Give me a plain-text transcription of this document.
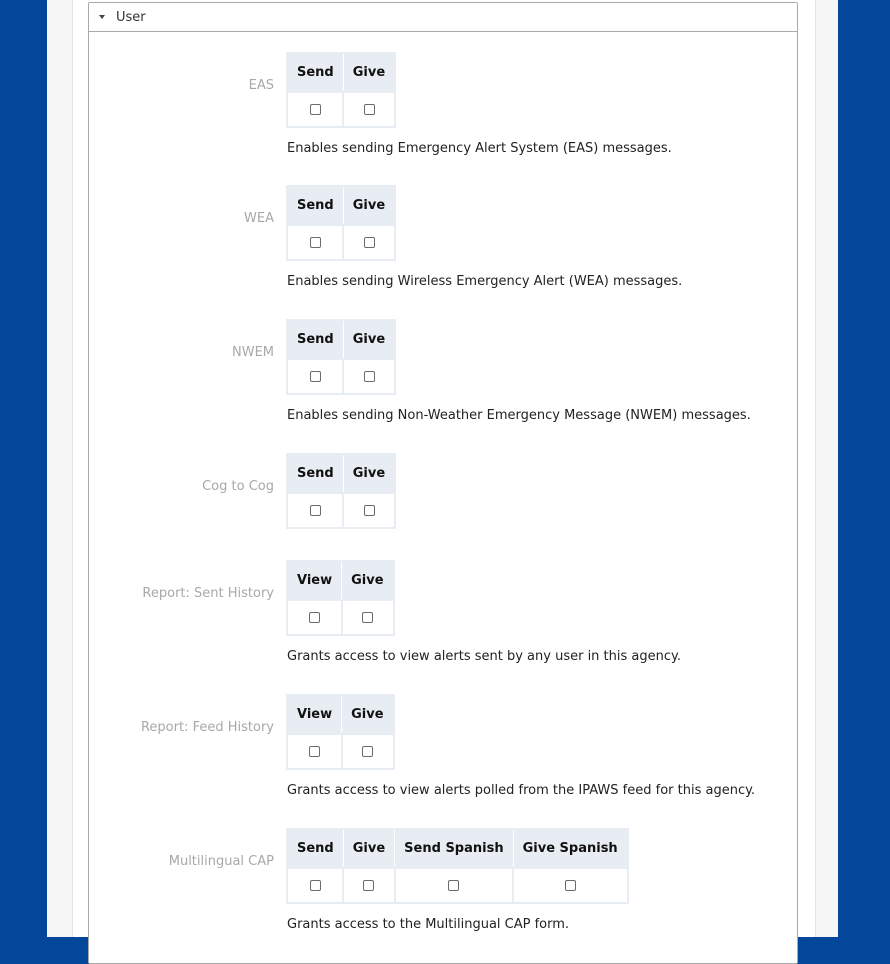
User
EAS
Send	Give

Enables sending Emergency Alert System (EAS) messages.
WEA
Send	Give

Enables sending Wireless Emergency Alert (WEA) messages.
NWEM
Send	Give

Enables sending Non-Weather Emergency Message (NWEM) messages.
Cog to Cog
Send	Give

Report: Sent History
View	Give

Grants access to view alerts sent by any user in this agency.
Report: Feed History
View	Give

Grants access to view alerts polled from the IPAWS feed for this agency.
Multilingual CAP
Send	Give	Send Spanish	Give Spanish

Grants access to the Multilingual CAP form.
